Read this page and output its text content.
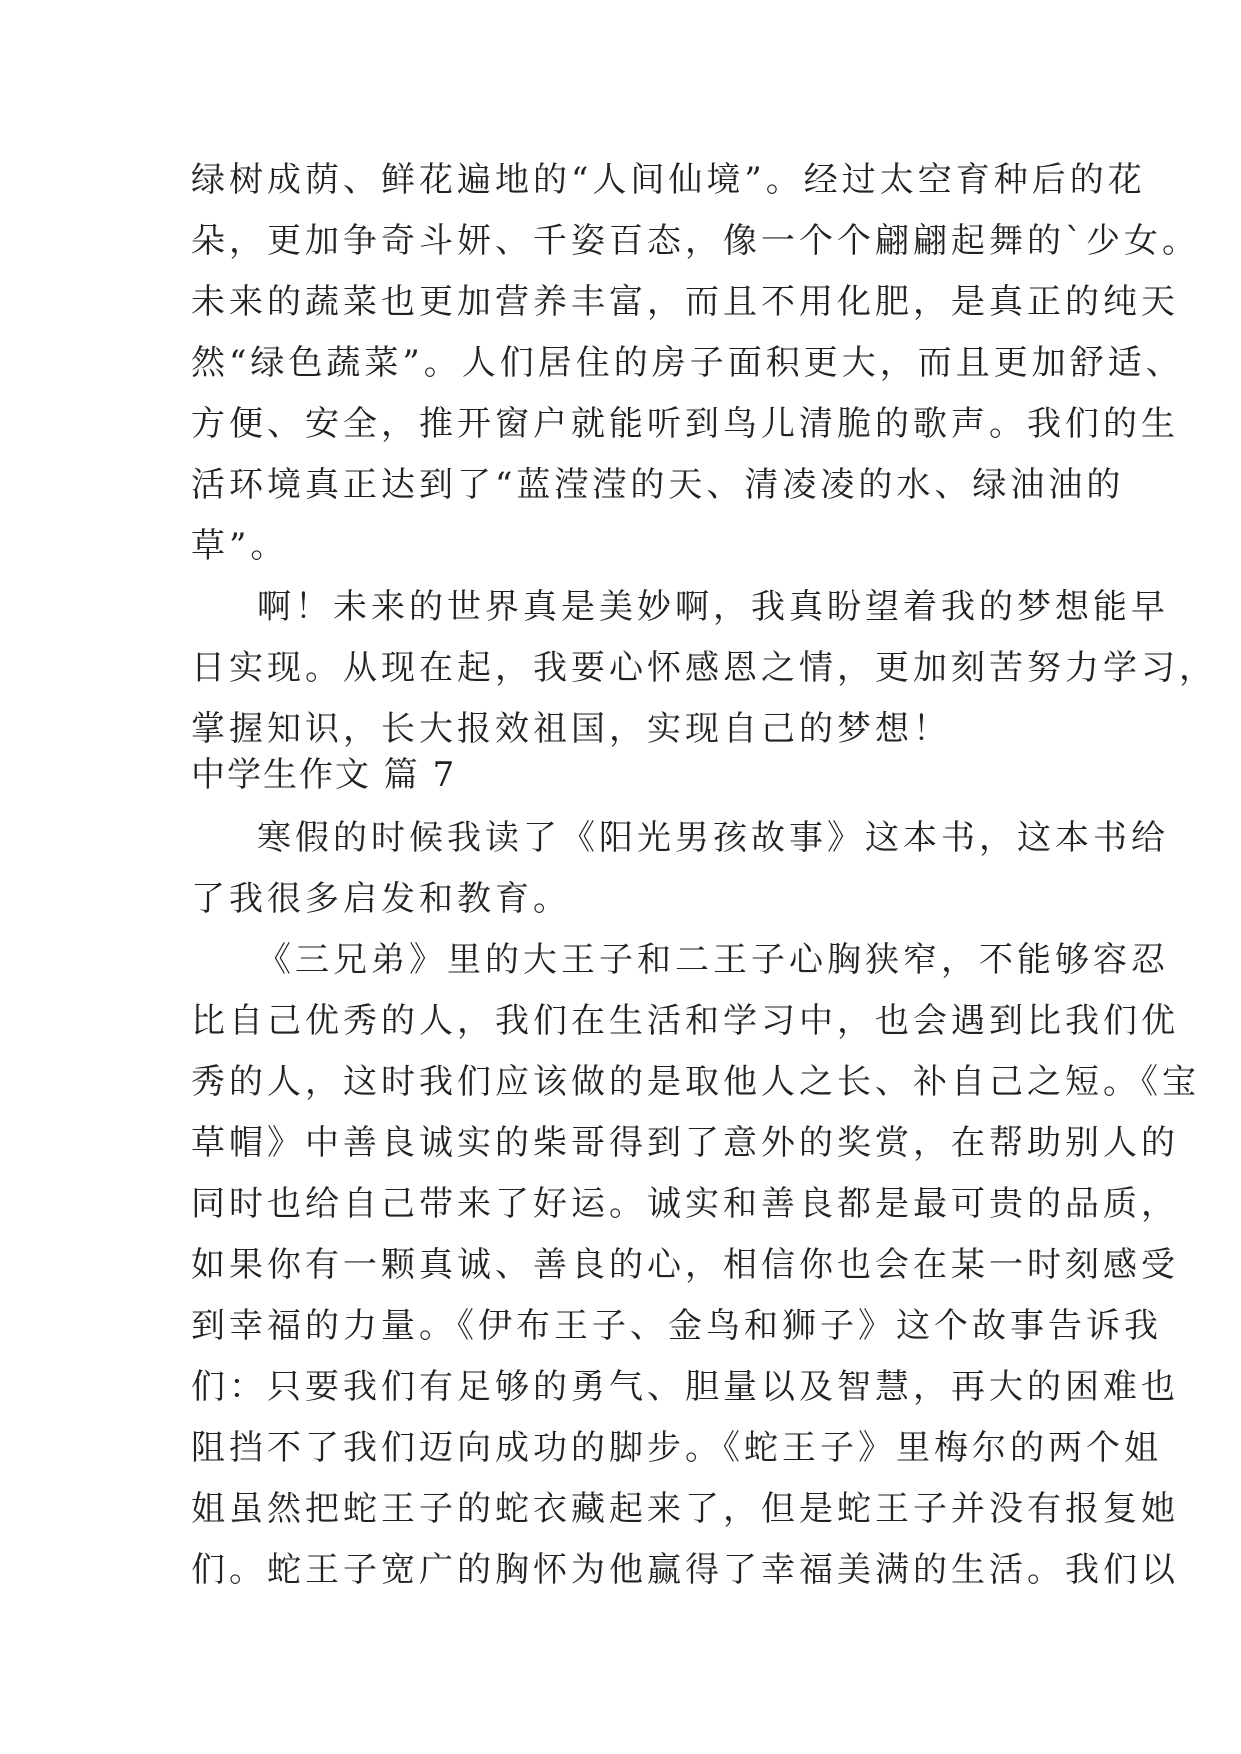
绿树成荫、鲜花遍地的“人间仙境”。经过太空育种后的花
朵，更加争奇斗妍、千姿百态，像一个个翩翩起舞的`少女。
未来的蔬菜也更加营养丰富，而且不用化肥，是真正的纯天
然“绿色蔬菜”。人们居住的房子面积更大，而且更加舒适、
方便、安全，推开窗户就能听到鸟儿清脆的歌声。我们的生
活环境真正达到了“蓝滢滢的天、清凌凌的水、绿油油的
草”。
啊！未来的世界真是美妙啊，我真盼望着我的梦想能早
日实现。从现在起，我要心怀感恩之情，更加刻苦努力学习，
掌握知识，长大报效祖国，实现自己的梦想！
中学生作文 篇 7
寒假的时候我读了《阳光男孩故事》这本书，这本书给
了我很多启发和教育。
《三兄弟》里的大王子和二王子心胸狭窄，不能够容忍
比自己优秀的人，我们在生活和学习中，也会遇到比我们优
秀的人，这时我们应该做的是取他人之长、补自己之短。《宝
草帽》中善良诚实的柴哥得到了意外的奖赏，在帮助别人的
同时也给自己带来了好运。诚实和善良都是最可贵的品质，
如果你有一颗真诚、善良的心，相信你也会在某一时刻感受
到幸福的力量。《伊布王子、金鸟和狮子》这个故事告诉我
们：只要我们有足够的勇气、胆量以及智慧，再大的困难也
阻挡不了我们迈向成功的脚步。《蛇王子》里梅尔的两个姐
姐虽然把蛇王子的蛇衣藏起来了，但是蛇王子并没有报复她
们。蛇王子宽广的胸怀为他赢得了幸福美满的生活。我们以
